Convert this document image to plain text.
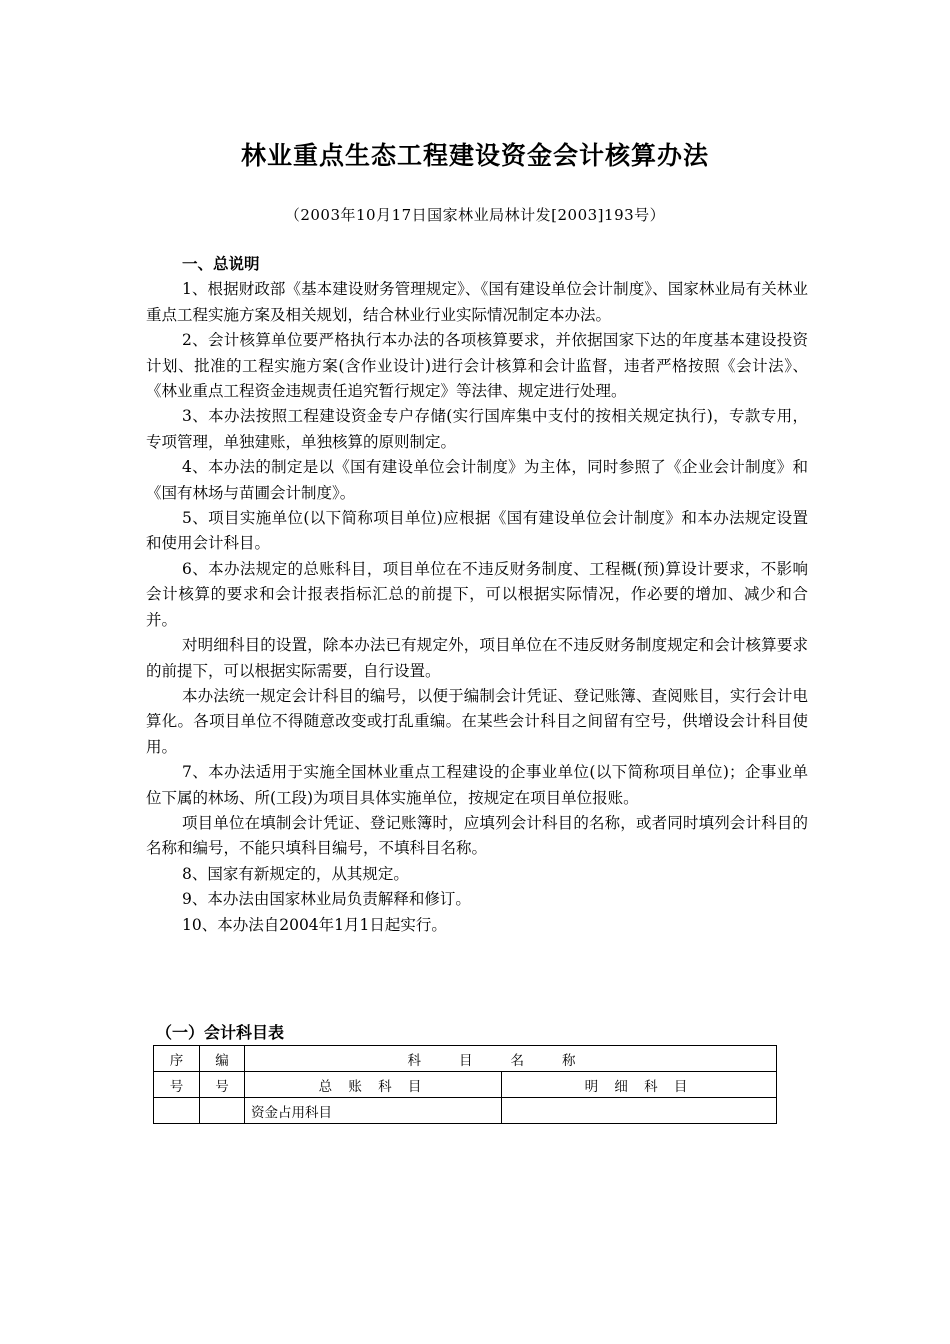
林业重点生态工程建设资金会计核算办法
（2003年10月17日国家林业局林计发[2003]193号）
一、总说明

1、根据财政部《基本建设财务管理规定》、《国有建设单位会计制度》、国家林业局有关林业重点工程实施方案及相关规划，结合林业行业实际情况制定本办法。

2、会计核算单位要严格执行本办法的各项核算要求，并依据国家下达的年度基本建设投资计划、批准的工程实施方案(含作业设计)进行会计核算和会计监督，违者严格按照《会计法》、《林业重点工程资金违规责任追究暂行规定》等法律、规定进行处理。

3、本办法按照工程建设资金专户存储(实行国库集中支付的按相关规定执行)，专款专用，专项管理，单独建账，单独核算的原则制定。

4、本办法的制定是以《国有建设单位会计制度》为主体，同时参照了《企业会计制度》和《国有林场与苗圃会计制度》。

5、项目实施单位(以下简称项目单位)应根据《国有建设单位会计制度》和本办法规定设置和使用会计科目。

6、本办法规定的总账科目，项目单位在不违反财务制度、工程概(预)算设计要求，不影响会计核算的要求和会计报表指标汇总的前提下，可以根据实际情况，作必要的增加、减少和合并。

对明细科目的设置，除本办法已有规定外，项目单位在不违反财务制度规定和会计核算要求的前提下，可以根据实际需要，自行设置。

本办法统一规定会计科目的编号，以便于编制会计凭证、登记账簿、查阅账目，实行会计电算化。各项目单位不得随意改变或打乱重编。在某些会计科目之间留有空号，供增设会计科目使用。

7、本办法适用于实施全国林业重点工程建设的企事业单位(以下简称项目单位)；企事业单位下属的林场、所(工段)为项目具体实施单位，按规定在项目单位报账。

项目单位在填制会计凭证、登记账簿时，应填列会计科目的名称，或者同时填列会计科目的名称和编号，不能只填科目编号，不填科目名称。

8、国家有新规定的，从其规定。

9、本办法由国家林业局负责解释和修订。

10、本办法自2004年1月1日起实行。

（一）会计科目表
序	编	科目名称	
号	号	总 账 科 目	明 细 科 目
		资金占用科目	
